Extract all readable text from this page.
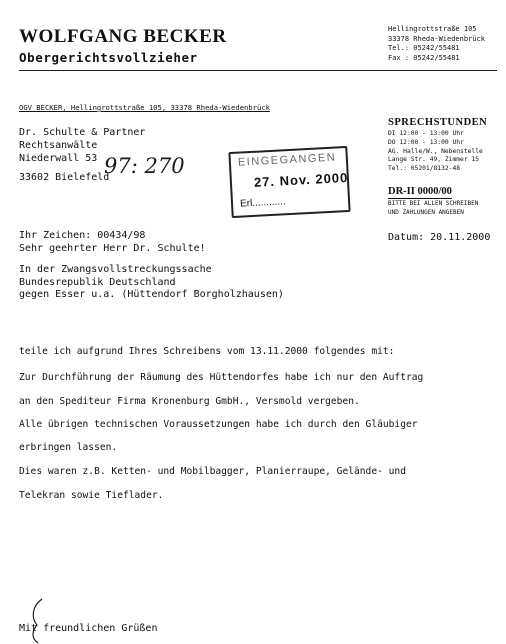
WOLFGANG BECKER
Obergerichtsvollzieher
Hellingrottstraße 105
33378 Rheda-Wiedenbrück
Tel.: 05242/55481
Fax : 05242/55481
OGV BECKER, Hellingrottstraße 105, 33378 Rheda-Wiedenbrück
Dr. Schulte & Partner
Rechtsanwälte
Niederwall 53
33602 Bielefeld
97: 270	EINGEGANGEN
27. Nov. 2000
Erl............
SPRECHSTUNDEN
DI 12:00 - 13:00 Uhr
DO 12:00 - 13:00 Uhr
AG. Halle/W., Nebenstelle
Lange Str. 49, Zimmer 15
Tel.: 05201/8132-48
DR-II 0000/00
BITTE BEI ALLEN SCHREIBEN
UND ZAHLUNGEN ANGEBEN
Ihr Zeichen: 00434/98
Sehr geehrter Herr Dr. Schulte!
Datum: 20.11.2000
In der Zwangsvollstreckungssache
Bundesrepublik Deutschland
gegen Esser u.a. (Hüttendorf Borgholzhausen)
teile ich aufgrund Ihres Schreibens vom 13.11.2000 folgendes mit:
Zur Durchführung der Räumung des Hüttendorfes habe ich nur den Auftrag
an den Spediteur Firma Kronenburg GmbH., Versmold vergeben.
Alle übrigen technischen Voraussetzungen habe ich durch den Gläubiger
erbringen lassen.
Dies waren z.B. Ketten- und Mobilbagger, Planierraupe, Gelände- und
Telekran sowie Tieflader.
Mit freundlichen Grüßen
